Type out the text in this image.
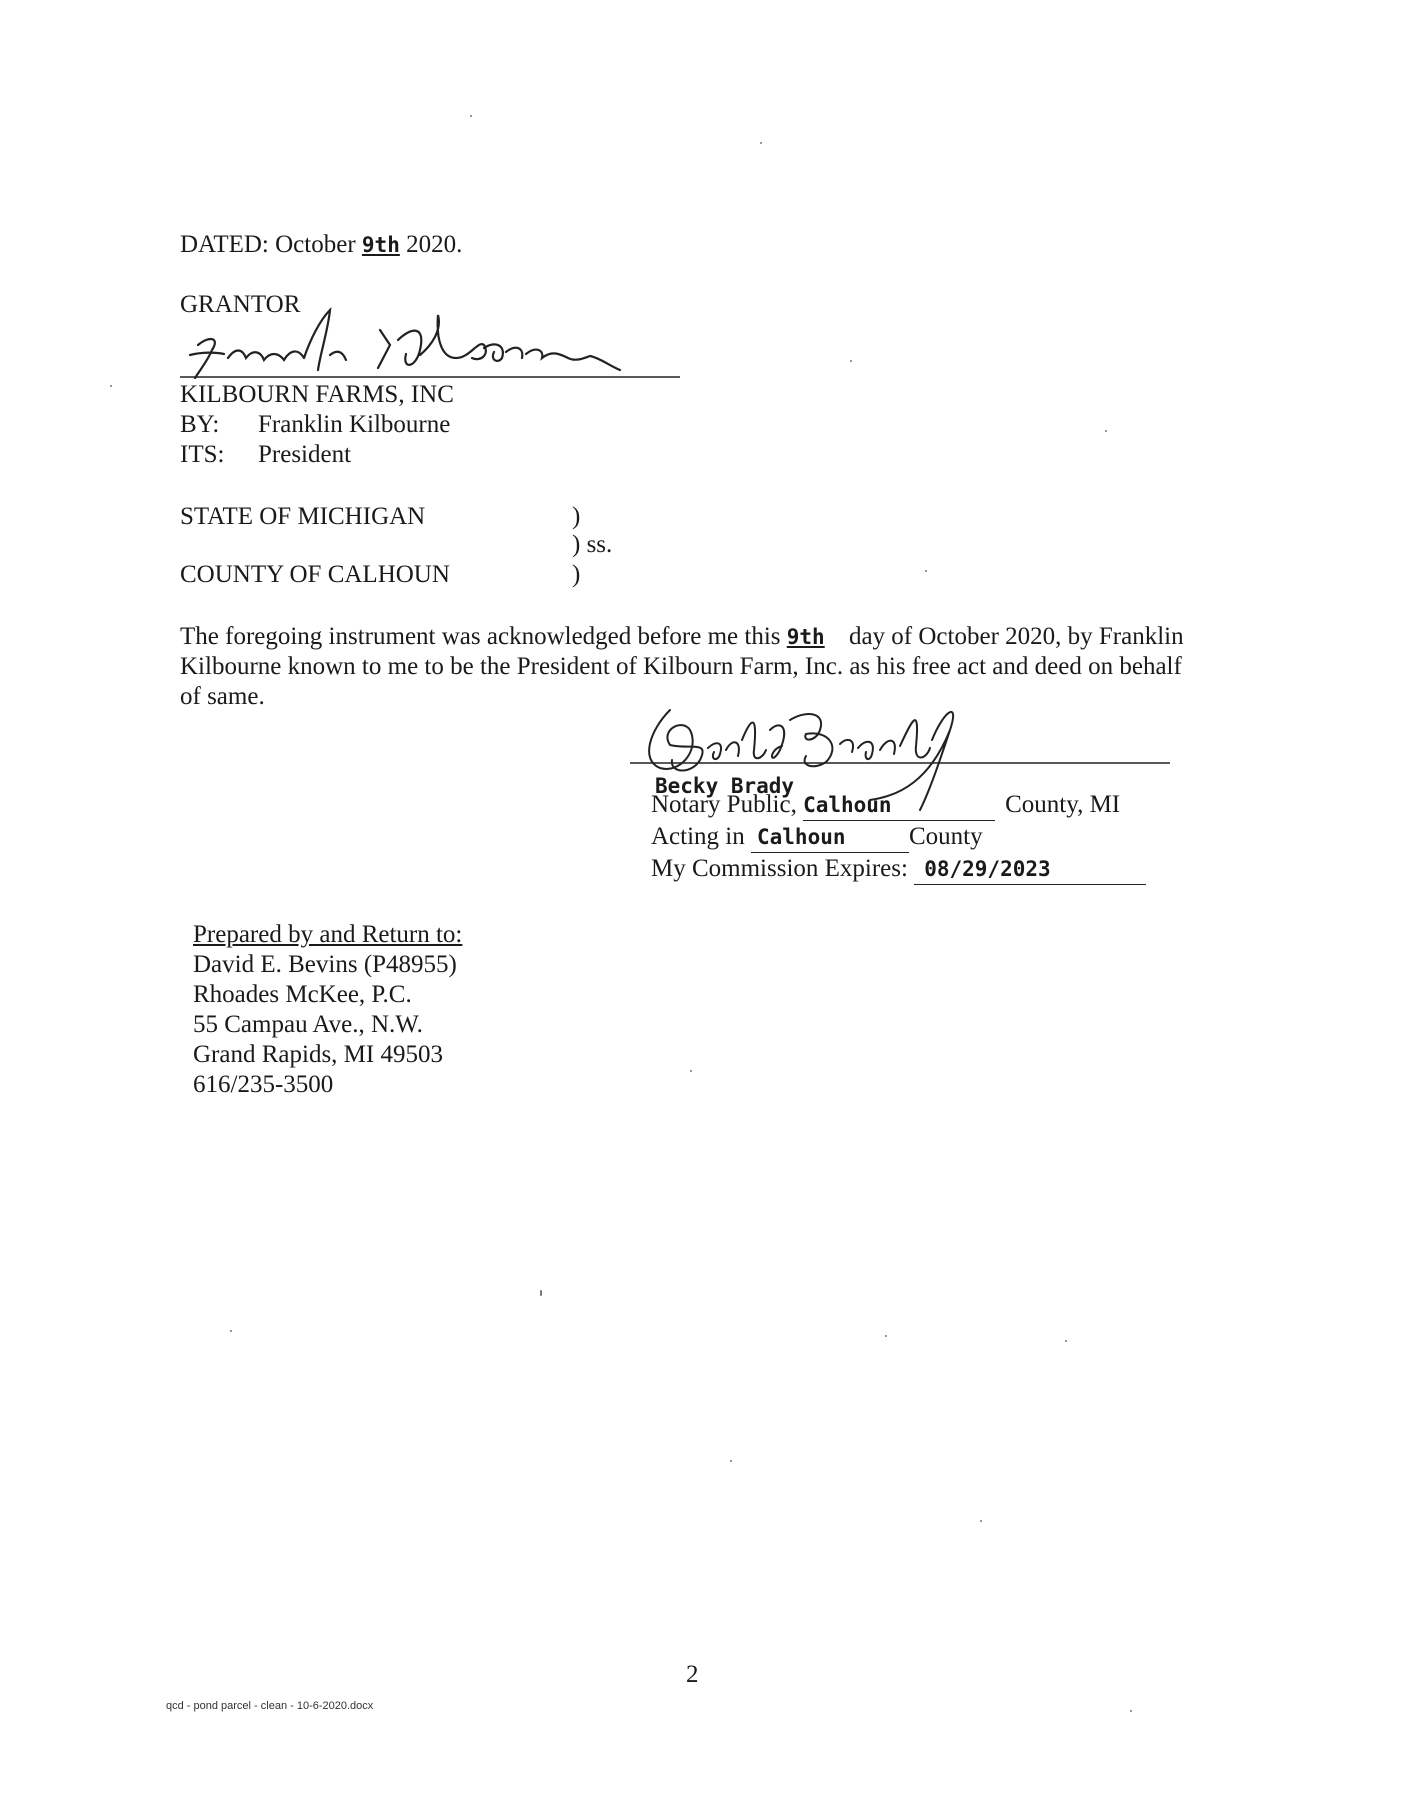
DATED: October 9th 2020.
GRANTOR
KILBOURN FARMS, INC
BY: Franklin Kilbourne
ITS: President
STATE OF MICHIGAN	)
) ss.
COUNTY OF CALHOUN	)
The foregoing instrument was acknowledged before me this 9th day of October 2020, by Franklin
Kilbourne known to me to be the President of Kilbourn Farm, Inc. as his free act and deed on behalf
of same.
Becky Brady
Notary Public, Calhoun	County, MI
Acting in Calhoun	County
My Commission Expires: 08/29/2023
Prepared by and Return to:
David E. Bevins (P48955)
Rhoades McKee, P.C.
55 Campau Ave., N.W.
Grand Rapids, MI 49503
616/235-3500
2
qcd - pond parcel - clean - 10-6-2020.docx
